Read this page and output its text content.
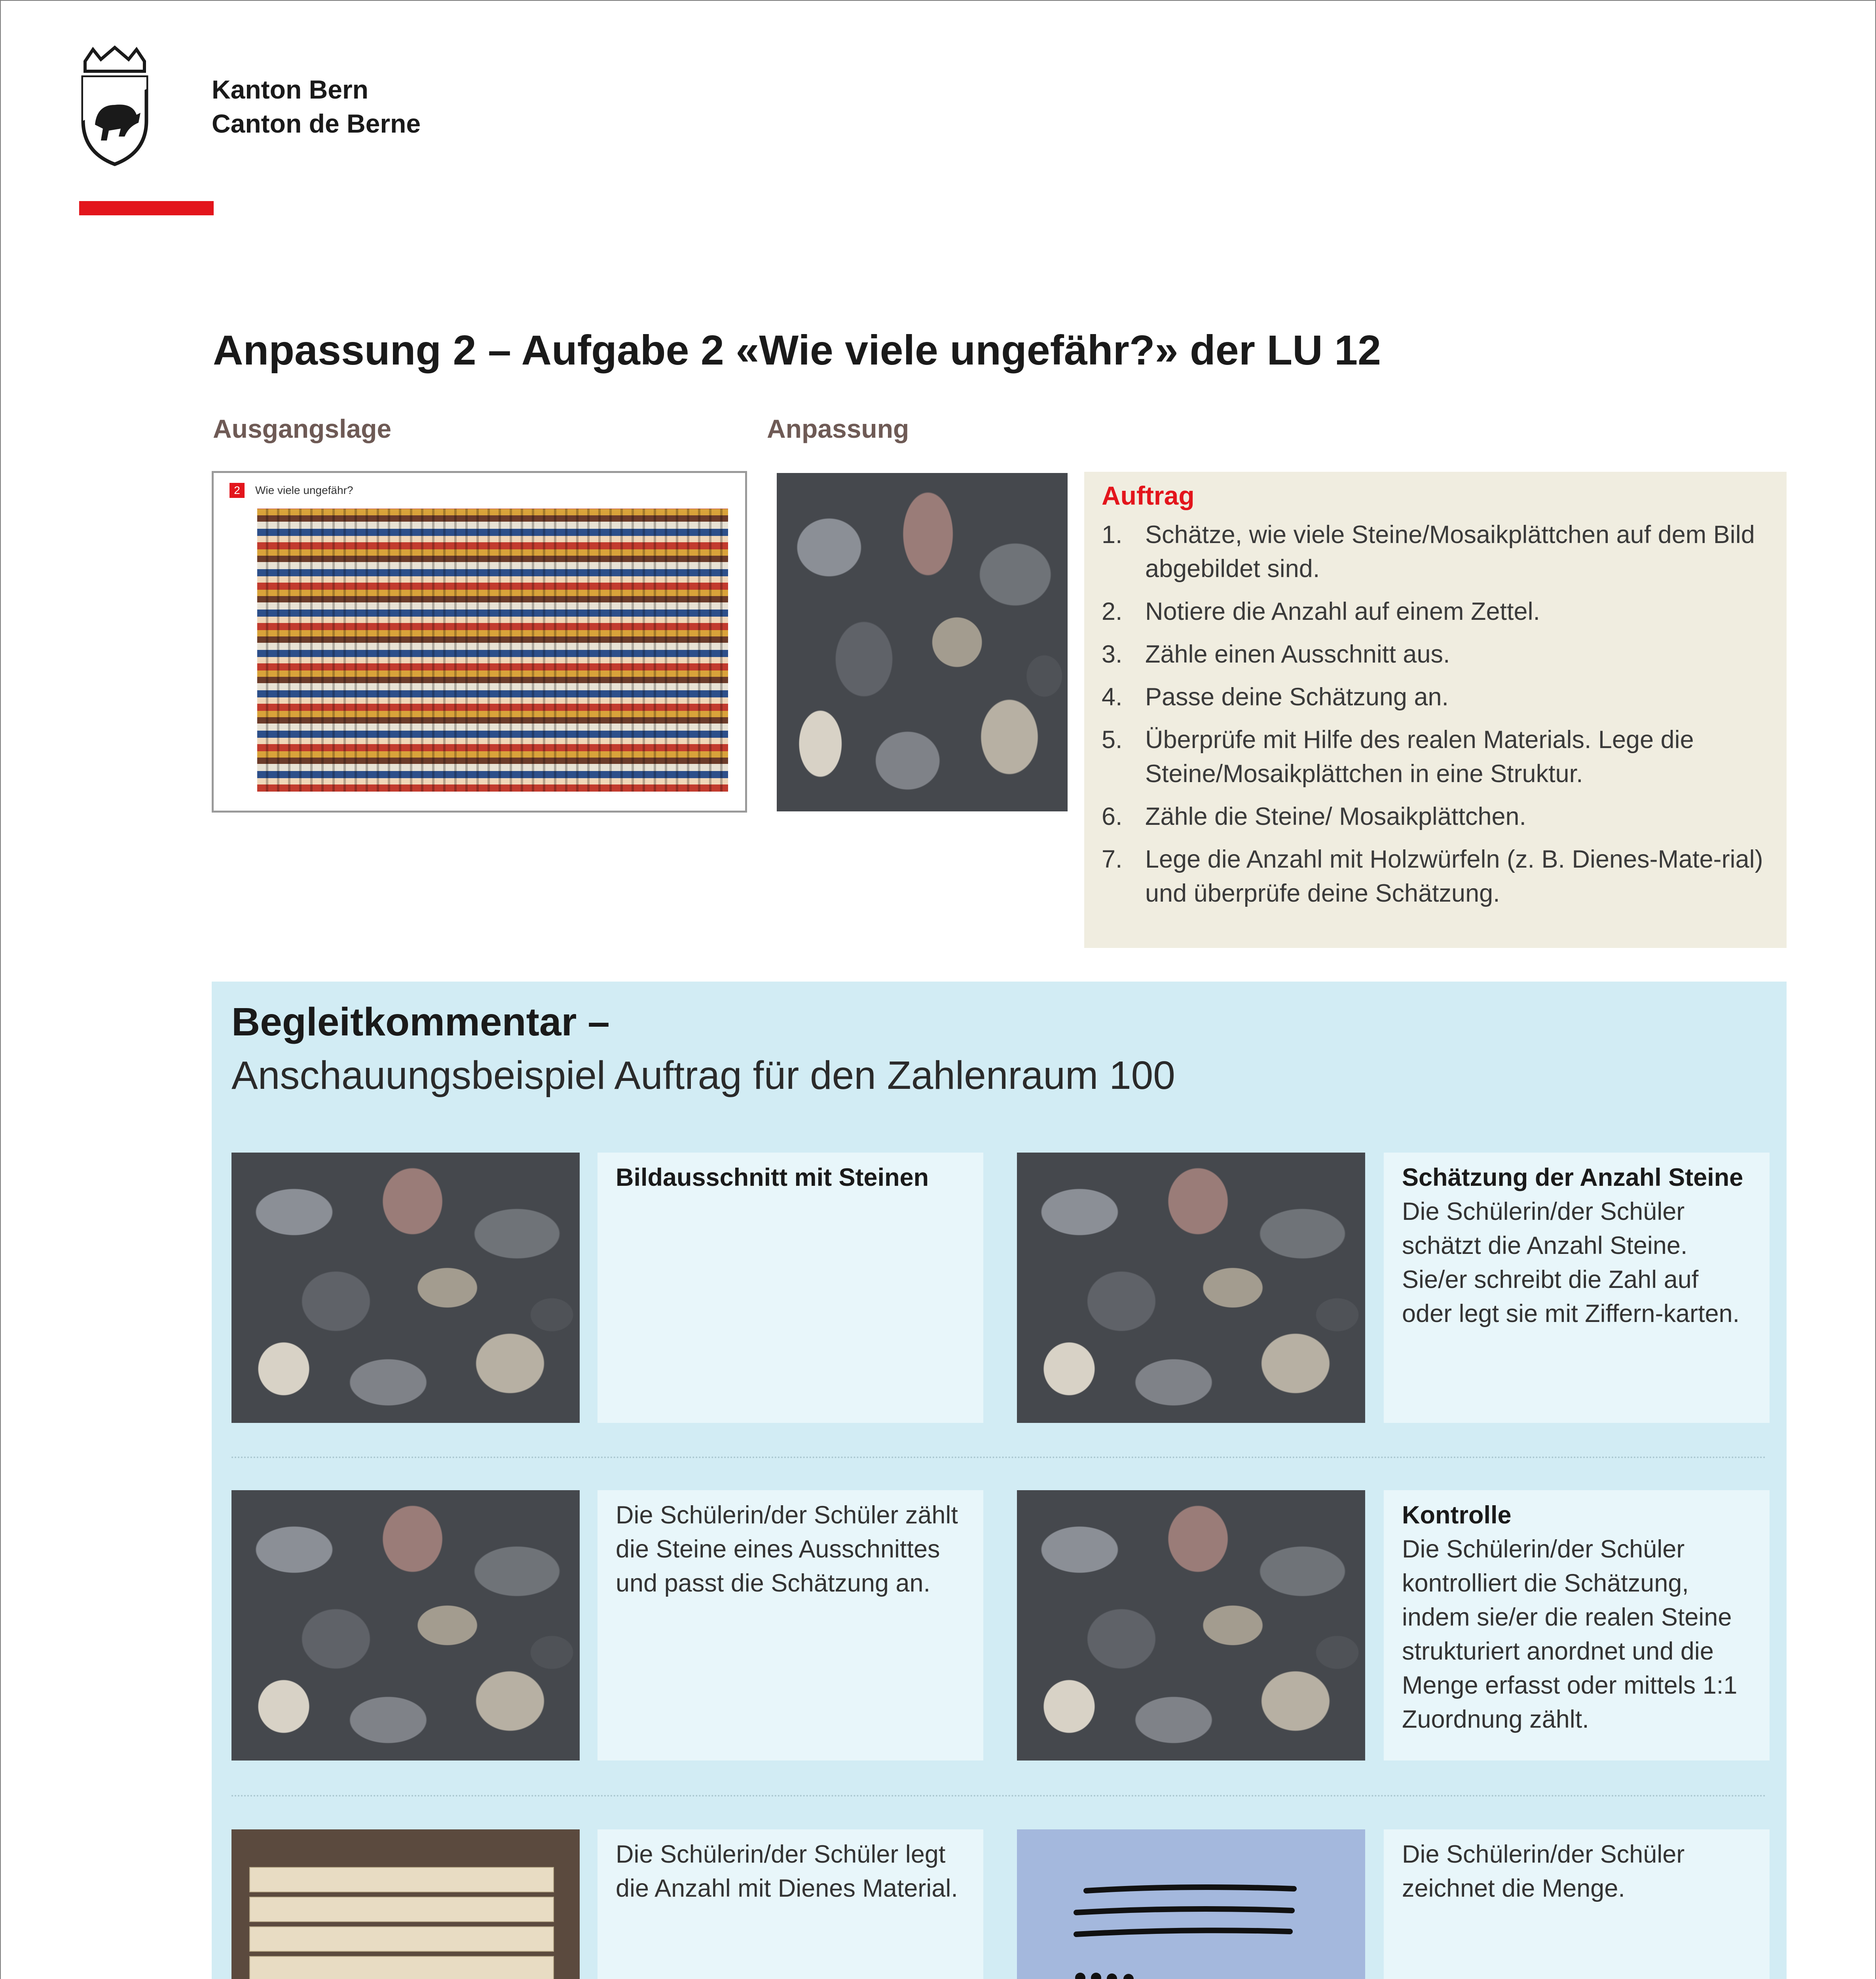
Kanton Bern
Canton de Berne
Anpassung 2 – Aufgabe 2 «Wie viele ungefähr?» der LU 12
Ausgangslage	Anpassung
2	Wie viele ungefähr?	Auftrag
1. Schätze, wie viele Steine/Mosaikplättchen auf dem Bild abgebildet sind.
2. Notiere die Anzahl auf einem Zettel.
3. Zähle einen Ausschnitt aus.
4. Passe deine Schätzung an.
5. Überprüfe mit Hilfe des realen Materials. Lege die Steine/Mosaikplättchen in eine Struktur.
6. Zähle die Steine/ Mosaikplättchen.
7. Lege die Anzahl mit Holzwürfeln (z. B. Dienes-Mate-rial) und überprüfe deine Schätzung.
Begleitkommentar –
Anschauungsbeispiel Auftrag für den Zahlenraum 100
Bildausschnitt mit Steinen	Schätzung der Anzahl Steine
Die Schülerin/der Schüler schätzt die Anzahl Steine. Sie/er schreibt die Zahl auf oder legt sie mit Ziffern-karten.
Die Schülerin/der Schüler zählt die Steine eines Ausschnittes und passt die Schätzung an.
Kontrolle
Die Schülerin/der Schüler kontrolliert die Schätzung, indem sie/er die realen Steine strukturiert anordnet und die Menge erfasst oder mittels 1:1 Zuordnung zählt.
Die Schülerin/der Schüler legt die Anzahl mit Dienes Material.
Die Schülerin/der Schüler zeichnet die Menge.
